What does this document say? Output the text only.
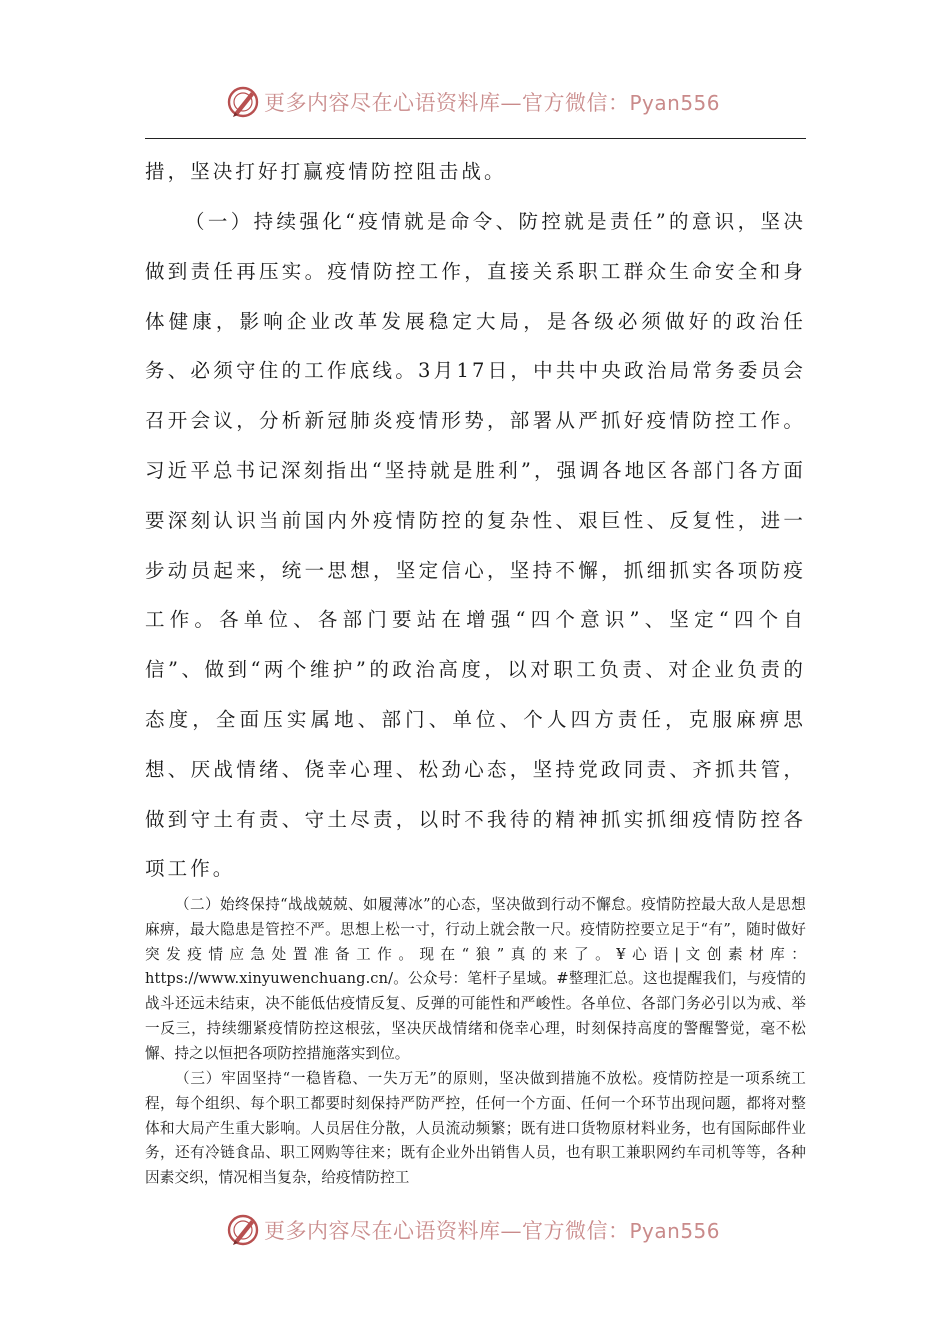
更多内容尽在心语资料库—官方微信：Pyan556

措，坚决打好打赢疫情防控阻击战。

（一）持续强化“疫情就是命令、防控就是责任”的意识，坚决做到责任再压实。疫情防控工作，直接关系职工群众生命安全和身体健康，影响企业改革发展稳定大局，是各级必须做好的政治任务、必须守住的工作底线。3月17日，中共中央政治局常务委员会召开会议，分析新冠肺炎疫情形势，部署从严抓好疫情防控工作。习近平总书记深刻指出“坚持就是胜利”，强调各地区各部门各方面要深刻认识当前国内外疫情防控的复杂性、艰巨性、反复性，进一步动员起来，统一思想，坚定信心，坚持不懈，抓细抓实各项防疫工作。各单位、各部门要站在增强“四个意识”、坚定“四个自信”、做到“两个维护”的政治高度，以对职工负责、对企业负责的态度，全面压实属地、部门、单位、个人四方责任，克服麻痹思想、厌战情绪、侥幸心理、松劲心态，坚持党政同责、齐抓共管，做到守土有责、守土尽责，以时不我待的精神抓实抓细疫情防控各项工作。

（二）始终保持“战战兢兢、如履薄冰”的心态，坚决做到行动不懈怠。疫情防控最大敌人是思想麻痹，最大隐患是管控不严。思想上松一寸，行动上就会散一尺。疫情防控要立足于“有”，随时做好突发疫情应急处置准备工作。现在“狼”真的来了。¥心语|文创素材库：https://www.xinyuwenchuang.cn/。公众号：笔杆子星域。#整理汇总。这也提醒我们，与疫情的战斗还远未结束，决不能低估疫情反复、反弹的可能性和严峻性。各单位、各部门务必引以为戒、举一反三，持续绷紧疫情防控这根弦，坚决厌战情绪和侥幸心理，时刻保持高度的警醒警觉，毫不松懈、持之以恒把各项防控措施落实到位。

（三）牢固坚持“一稳皆稳、一失万无”的原则，坚决做到措施不放松。疫情防控是一项系统工程，每个组织、每个职工都要时刻保持严防严控，任何一个方面、任何一个环节出现问题，都将对整体和大局产生重大影响。人员居住分散，人员流动频繁；既有进口货物原材料业务，也有国际邮件业务，还有冷链食品、职工网购等往来；既有企业外出销售人员，也有职工兼职网约车司机等等，各种因素交织，情况相当复杂，给疫情防控工

更多内容尽在心语资料库—官方微信：Pyan556
